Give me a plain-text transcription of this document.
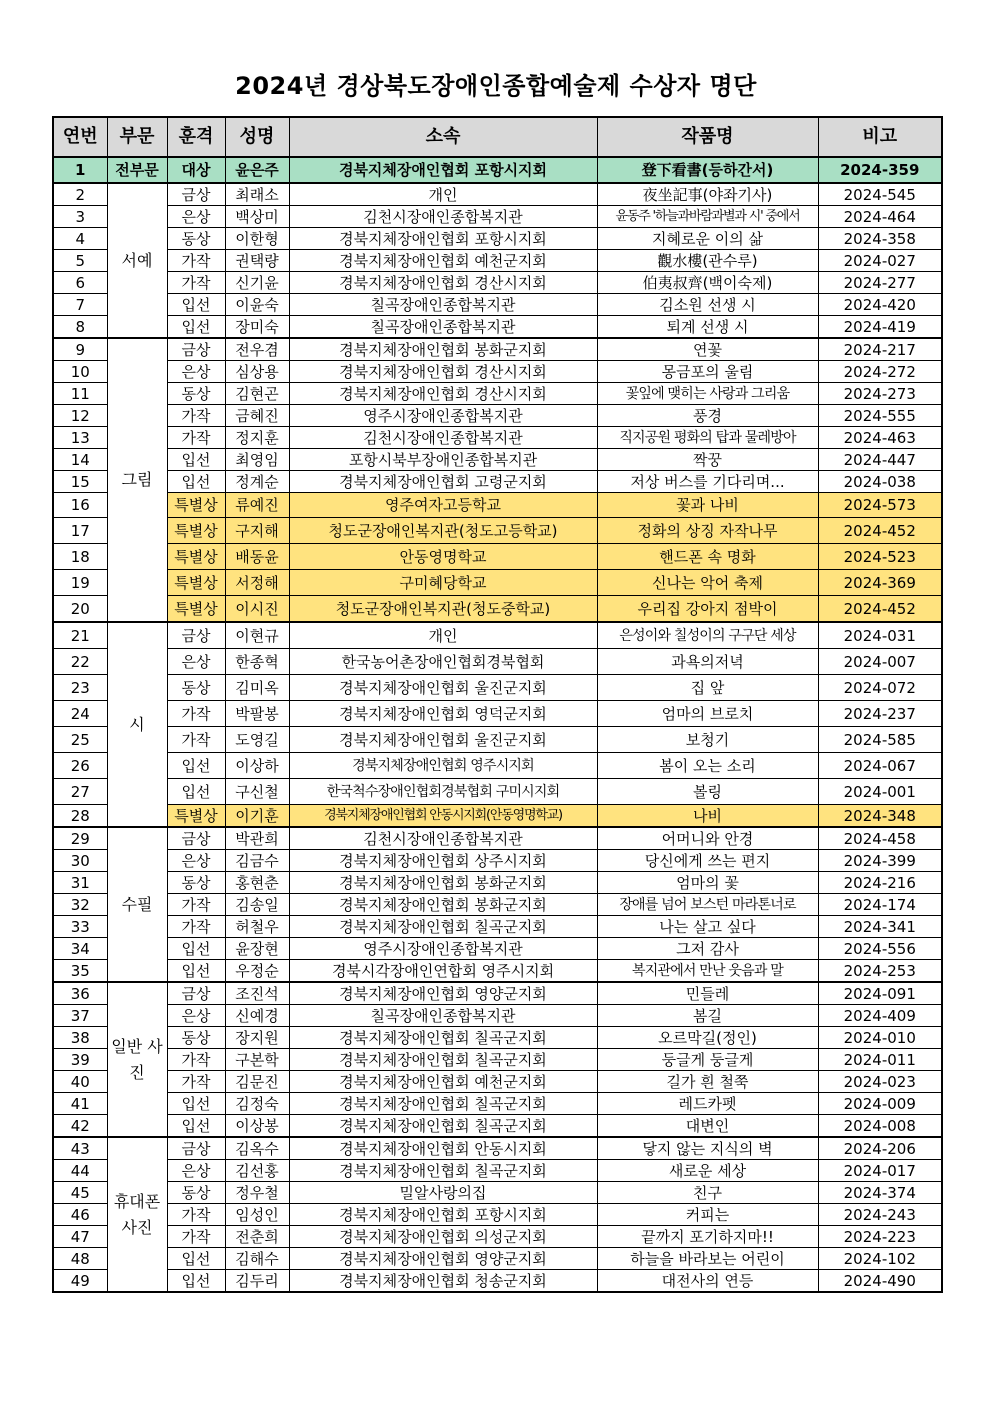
2024년 경상북도장애인종합예술제 수상자 명단
연번	부문	훈격	성명	소속	작품명	비고
1	전부문	대상	윤은주	경북지체장애인협회 포항시지회	登下看書(등하간서)	2024-359
2	서예	금상	최래소	개인	夜坐記事(야좌기사)	2024-545
3		은상	백상미	김천시장애인종합복지관	윤동주 '하늘과바람과별과 시' 중에서	2024-464
4		동상	이한형	경북지체장애인협회 포항시지회	지혜로운 이의 삶	2024-358
5		가작	권택량	경북지체장애인협회 예천군지회	觀水樓(관수루)	2024-027
6		가작	신기윤	경북지체장애인협회 경산시지회	伯夷叔齊(백이숙제)	2024-277
7		입선	이윤숙	칠곡장애인종합복지관	김소원 선생 시	2024-420
8		입선	장미숙	칠곡장애인종합복지관	퇴계 선생 시	2024-419
9	그림	금상	전우겸	경북지체장애인협회 봉화군지회	연꽃	2024-217
10		은상	심상용	경북지체장애인협회 경산시지회	몽금포의 울림	2024-272
11		동상	김현곤	경북지체장애인협회 경산시지회	꽃잎에 맺히는 사랑과 그리움	2024-273
12		가작	금혜진	영주시장애인종합복지관	풍경	2024-555
13		가작	정지훈	김천시장애인종합복지관	직지공원 평화의 탑과 물레방아	2024-463
14		입선	최영임	포항시북부장애인종합복지관	짝꿍	2024-447
15		입선	정계순	경북지체장애인협회 고령군지회	저상 버스를 기다리며...	2024-038
16		특별상	류예진	영주여자고등학교	꽃과 나비	2024-573
17		특별상	구지해	청도군장애인복지관(청도고등학교)	정화의 상징 자작나무	2024-452
18		특별상	배동윤	안동영명학교	핸드폰 속 명화	2024-523
19		특별상	서정해	구미혜당학교	신나는 악어 축제	2024-369
20		특별상	이시진	청도군장애인복지관(청도중학교)	우리집 강아지 점박이	2024-452
21	시	금상	이현규	개인	은성이와 칠성이의 구구단 세상	2024-031
22		은상	한종혁	한국농어촌장애인협회경북협회	과욕의저녁	2024-007
23		동상	김미옥	경북지체장애인협회 울진군지회	집 앞	2024-072
24		가작	박팔봉	경북지체장애인협회 영덕군지회	엄마의 브로치	2024-237
25		가작	도영길	경북지체장애인협회 울진군지회	보청기	2024-585
26		입선	이상하	경북지체장애인협회 영주시지회	봄이 오는 소리	2024-067
27		입선	구신철	한국척수장애인협회경북협회 구미시지회	볼링	2024-001
28		특별상	이기훈	경북지체장애인협회 안동시지회(안동영명학교)	나비	2024-348
29	수필	금상	박관희	김천시장애인종합복지관	어머니와 안경	2024-458
30		은상	김금수	경북지체장애인협회 상주시지회	당신에게 쓰는 편지	2024-399
31		동상	홍현춘	경북지체장애인협회 봉화군지회	엄마의 꽃	2024-216
32		가작	김송일	경북지체장애인협회 봉화군지회	장애를 넘어 보스턴 마라톤너로	2024-174
33		가작	허철우	경북지체장애인협회 칠곡군지회	나는 살고 싶다	2024-341
34		입선	윤장현	영주시장애인종합복지관	그저 감사	2024-556
35		입선	우정순	경북시각장애인연합회 영주시지회	복지관에서 만난 웃음과 말	2024-253
36	일반 사진	금상	조진석	경북지체장애인협회 영양군지회	민들레	2024-091
37		은상	신예경	칠곡장애인종합복지관	봄길	2024-409
38		동상	장지원	경북지체장애인협회 칠곡군지회	오르막길(정인)	2024-010
39		가작	구본학	경북지체장애인협회 칠곡군지회	둥글게 둥글게	2024-011
40		가작	김문진	경북지체장애인협회 예천군지회	길가 흰 철쭉	2024-023
41		입선	김정숙	경북지체장애인협회 칠곡군지회	레드카펫	2024-009
42		입선	이상봉	경북지체장애인협회 칠곡군지회	대변인	2024-008
43	휴대폰 사진	금상	김옥수	경북지체장애인협회 안동시지회	닿지 않는 지식의 벽	2024-206
44		은상	김선홍	경북지체장애인협회 칠곡군지회	새로운 세상	2024-017
45		동상	정우철	밀알사랑의집	친구	2024-374
46		가작	임성인	경북지체장애인협회 포항시지회	커피는	2024-243
47		가작	전춘희	경북지체장애인협회 의성군지회	끝까지 포기하지마!!	2024-223
48		입선	김해수	경북지체장애인협회 영양군지회	하늘을 바라보는 어린이	2024-102
49		입선	김두리	경북지체장애인협회 청송군지회	대전사의 연등	2024-490
